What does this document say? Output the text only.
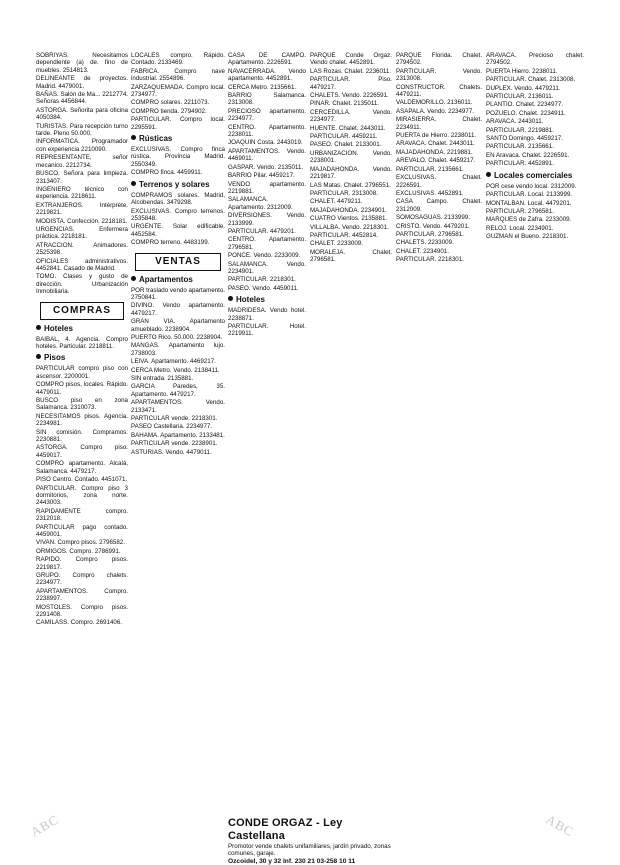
SOBRIYAS. Necesitamos dependiente (a) de. fino de muebles. 2514813.

DELINEANTE de proyectos. Madrid. 4479001.

BAÑAS. Salón de Ma... 2212774. Señoras 4456844.

ASTORGA. Señorita para oficina 4050384.

TURISTAS. Para recepción turno tarde. Pleno 50.000.

INFORMATICA. Programador con experiencia 2210090.

REPRESENTANTE, señor mecanico. 2212734.

BUSCO. Señora para limpieza. 2313407.

INGENIERO técnico con experiencia. 2218611.

EXTRANJEROS. Intérprete. 2219821.

MODISTA. Confección. 2218181.

URGENCIAS. Enfermera práctica. 2218181.

ATRACCION. Animadores. 2525398.

OFICIALES administrativos. 4452841. Casado de Madrid.

TOMO. Clases y gusto de dirección. Urbanización Inmobiliaria.

COMPRAS
Hoteles

BAIBAL, 4. Agencia. Compro hoteles. Particular. 2218811.

Pisos

PARTICULAR compro piso con ascensor. 2200001.

COMPRO pisos, locales. Rápido. 4479011.

BUSCO piso en zona Salamanca. 2310073.

NECESITAMOS pisos. Agencia. 2234981.

SIN comisión. Compramos. 2230881.

ASTORGA. Compro piso. 4459017.

COMPRO apartamento. Alcalá, Salamanca. 4479217.

PISO Centro. Contado. 4451071.

PARTICULAR. Compro piso 3 dormitorios, zona norte. 2443003.

RAPIDAMENTE compro. 2312018.

PARTICULAR pago contado. 4459001.

VIVAN. Compro pisos. 2796582.

ORMIGOS. Compro. 2786991.

RAPIDO. Compro pisos. 2219817.

GRUPO. Compro chalets. 2234977.

APARTAMENTOS. Compro. 2238997.

MOSTOLES. Compro pisos. 2291408.

CAMILASS. Compro. 2691406.

LOCALES compro. Rápido. Contado. 2133469.

FABRICA. Compro nave industrial. 2554896.

ZARZAQUEMADA. Compro local. 2734977.

COMPRO solares. 2211073.

COMPRO tienda. 2794902.

PARTICULAR. Compro local. 2295591.

Rústicas

EXCLUSIVAS. Compro finca rústica. Provincia Madrid. 2550349.

COMPRO finca. 4459911.

Terrenos y solares

COMPRAMOS solares. Madrid, Alcobendas. 3479298.

EXCLUSIVAS. Compro terrenos. 2535848.

URGENTE. Solar edificable. 4452584.

COMPRO terreno. 4483199.

VENTAS
Apartamentos

POR traslado vendo apartamento. 2750841.

DIVINO. Vendo apartamento. 4479217.

GRAN VIA. Apartamento amueblado. 2238904.

PUERTO Rico. 50.000. 2238904.

MANGAS. Apartamento lujo. 2738003.

LEIVA. Apartamento. 4469217.

CERCA Metro. Vendo. 2138411.

SIN entrada. 2135881.

GARCIA Paredes, 35. Apartamento. 4479217.

APARTAMENTOS. Vendo. 2133471.

PARTICULAR vende. 2218301.

PASEO Castellana. 2234977.

BAHAMA. Apartamento. 2133481.

PARTICULAR vende. 2238901.

ASTURIAS. Vendo. 4479011.

CASA DE CAMPO. Apartamento. 2226591.

NAVACERRADA. Vendo apartamento. 4452891.

CERCA Metro. 2135661.

BARRIO Salamanca. 2313008.

PRECIOSO apartamento. 2234977.

CENTRO. Apartamento. 2238011.

JOAQUIN Costa. 2443019.

APARTAMENTOS. Vendo. 4469011.

GASPAR. Vendo. 2135011.

BARRIO Pilar. 4459217.

VENDO apartamento. 2219881.

SALAMANCA. Apartamento. 2312009.

DIVERSIONES. Vendo. 2133999.

PARTICULAR. 4479201.

CENTRO. Apartamento. 2796581.

PONCE. Vendo. 2233009.

SALAMANCA. Vendo. 2234901.

PARTICULAR. 2218301.

PASEO. Vendo. 4459011.

Hoteles

MADRIDESA. Vendo hotel. 2238871.

PARTICULAR. Hotel. 2219911.

PARQUE Conde Orgaz. Vendo chalet. 4452891.

LAS Rozas. Chalet. 2236011.

PARTICULAR. Piso. 4479217.

CHALETS. Vendo. 2226591.

PINAR. Chalet. 2135011.

CERCEDILLA. Vendo. 2234977.

HUENTE. Chalet. 2443011.

PARTICULAR. 4459211.

PASEO. Chalet. 2133001.

URBANIZACION. Vendo. 2238001.

MAJADAHONDA. Vendo. 2219817.

LAS Matas. Chalet. 2796551.

PARTICULAR. 2313008.

CHALET. 4479211.

MAJADAHONDA. 2234901.

CUATRO Vientos. 2135881.

VILLALBA. Vendo. 2218301.

PARTICULAR. 4452814.

CHALET. 2233009.

MORALEJA. Chalet. 2796581.

PARQUE Florida. Chalet. 2794502.

PARTICULAR. Vendo. 2313008.

CONSTRUCTOR. Chalets. 4479211.

VALDEMORILLO. 2136011.

ASAPALA. Vendo. 2234977.

MIRASIERRA. Chalet. 2234911.

PUERTA de Hierro. 2238011.

ARAVACA. Chalet. 2443011.

MAJADAHONDA. 2219881.

AREVALO. Chalet. 4459217.

PARTICULAR. 2135661.

EXCLUSIVAS. Chalet. 2226591.

EXCLUSIVAS. 4452891.

CASA Campo. Chalet. 2312009.

SOMOSAGUAS. 2133999.

CRISTO. Vendo. 4479201.

PARTICULAR. 2796581.

CHALETS. 2233009.

CHALET. 2234901.

PARTICULAR. 2218301.

ARAVACA. Precioso chalet. 2794502.

PUERTA Hierro. 2238011.

PARTICULAR. Chalet. 2313008.

DUPLEX. Vendo. 4479211.

PARTICULAR. 2136011.

PLANTIO. Chalet. 2234977.

POZUELO. Chalet. 2234911.

ARAVACA. 2443011.

PARTICULAR. 2219881.

SANTO Domingo. 4459217.

PARTICULAR. 2135661.

EN Aravaca. Chalet. 2226591.

PARTICULAR. 4452891.

Locales comerciales

POR cese vendo local. 2312009.

PARTICULAR. Local. 2133999.

MONTALBAN. Local. 4479201.

PARTICULAR. 2796581.

MARQUES de Zafra. 2233009.

RELOJ. Local. 2234901.

GUZMAN el Bueno. 2218301.

CONDE ORGAZ - Ley Castellana
Promotor vende chalets unifamiliares, jardín privado, zonas comunes, garaje.
Ozcoidel, 30 y 32 Inf. 230 21 03-258 10 11
ABC	ABC
